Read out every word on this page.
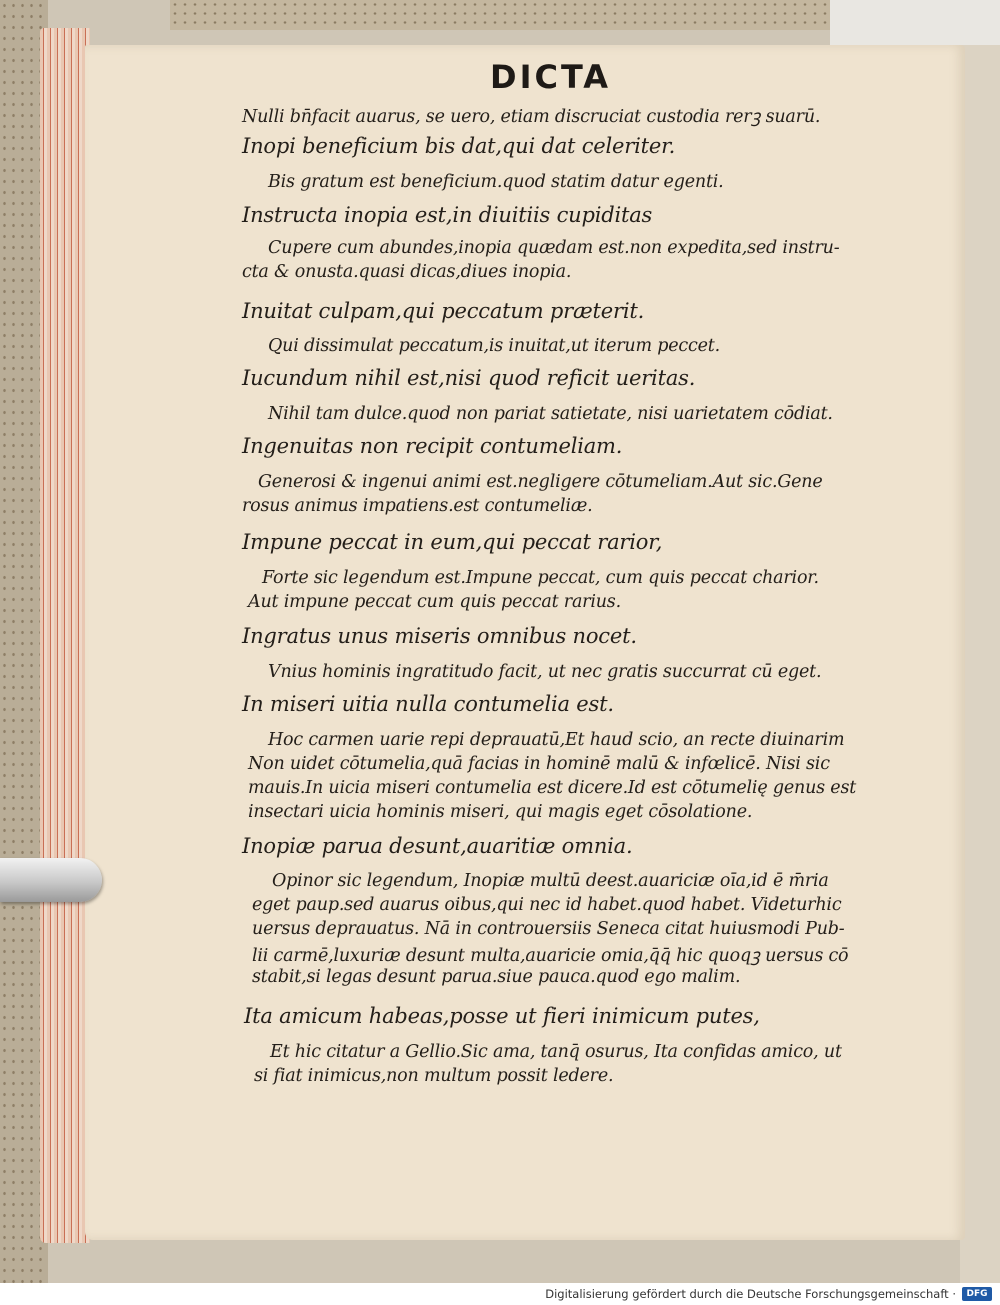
DICTA
Nulli bn̄facit auarus, se uero, etiam discruciat custodia rerꝫ suarū.
Inopi beneficium bis dat,qui dat celeriter.
Bis gratum est beneficium.quod statim datur egenti.
Instructa inopia est,in diuitiis cupiditas
Cupere cum abundes,inopia quædam est.non expedita,sed instru-
cta & onusta.quasi dicas,diues inopia.
Inuitat culpam,qui peccatum præterit.
Qui dissimulat peccatum,is inuitat,ut iterum peccet.
Iucundum nihil est,nisi quod reficit ueritas.
Nihil tam dulce.quod non pariat satietate, nisi uarietatem cōdiat.
Ingenuitas non recipit contumeliam.
Generosi & ingenui animi est.negligere cōtumeliam.Aut sic.Gene
rosus animus impatiens.est contumeliæ.
Impune peccat in eum,qui peccat rarior,
Forte sic legendum est.Impune peccat, cum quis peccat charior.
Aut impune peccat cum quis peccat rarius.
Ingratus unus miseris omnibus nocet.
Vnius hominis ingratitudo facit, ut nec gratis succurrat cū eget.
In miseri uitia nulla contumelia est.
Hoc carmen uarie repi deprauatū,Et haud scio, an recte diuinarim
Non uidet cōtumelia,quā facias in hominē malū & infœlicē. Nisi sic
mauis.In uicia miseri contumelia est dicere.Id est cōtumelię genus est
insectari uicia hominis miseri, qui magis eget cōsolatione.
Inopiæ parua desunt,auaritiæ omnia.
Opinor sic legendum, Inopiæ multū deest.auariciæ oīa,id ē m̄ria
eget paup.sed auarus oibus,qui nec id habet.quod habet. Videturhic
uersus deprauatus. Nā in controuersiis Seneca citat huiusmodi Pub-
lii carmē,luxuriæ desunt multa,auaricie omia,q̄q̄ hic quoqꝫ uersus cō
stabit,si legas desunt parua.siue pauca.quod ego malim.
Ita amicum habeas,posse ut fieri inimicum putes,
Et hic citatur a Gellio.Sic ama, tanq̄ osurus, Ita confidas amico, ut
si fiat inimicus,non multum possit ledere.
Digitalisierung gefördert durch die Deutsche Forschungsgemeinschaft ·	DFG
